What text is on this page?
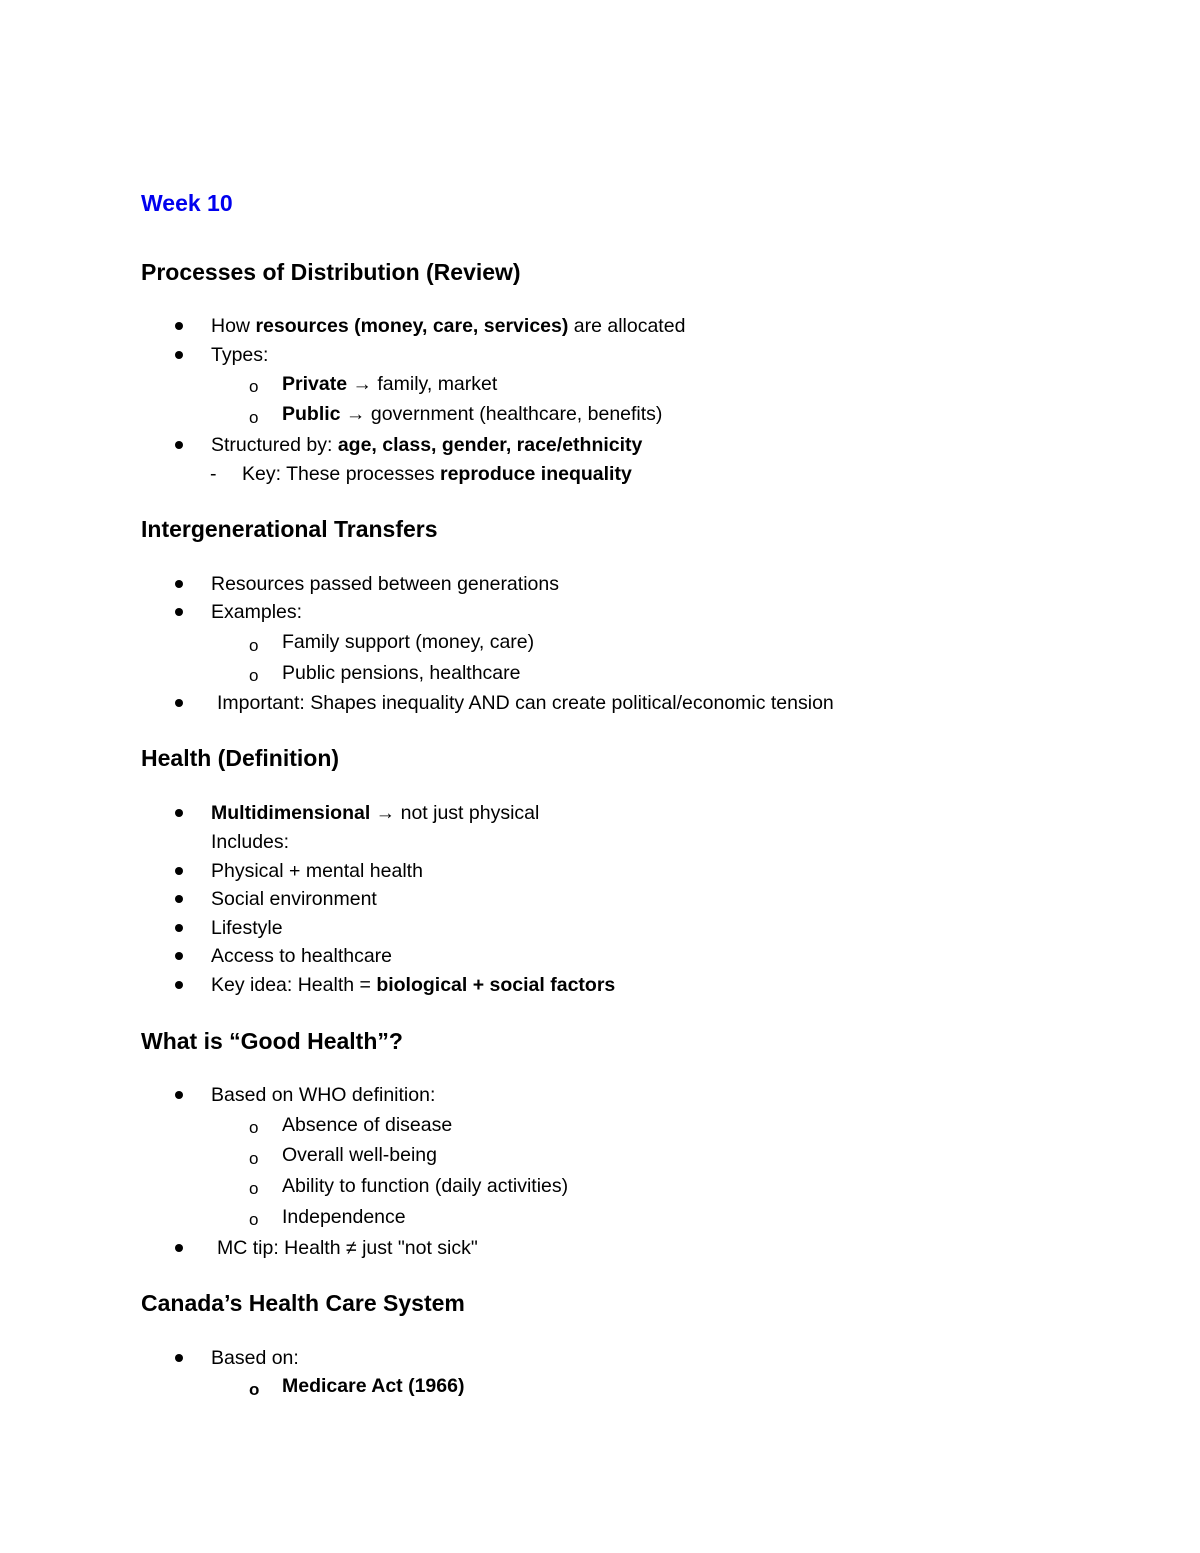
Week 10
Processes of Distribution (Review)
How resources (money, care, services) are allocated
Types:
o Private → family, market
o Public → government (healthcare, benefits)
Structured by: age, class, gender, race/ethnicity
- Key: These processes reproduce inequality
Intergenerational Transfers
Resources passed between generations
Examples:
o Family support (money, care)
o Public pensions, healthcare
Important: Shapes inequality AND can create political/economic tension
Health (Definition)
Multidimensional → not just physical
Includes:
Physical + mental health
Social environment
Lifestyle
Access to healthcare
Key idea: Health = biological + social factors
What is “Good Health”?
Based on WHO definition:
o Absence of disease
o Overall well-being
o Ability to function (daily activities)
o Independence
MC tip: Health ≠ just "not sick"
Canada’s Health Care System
Based on:
o Medicare Act (1966)
